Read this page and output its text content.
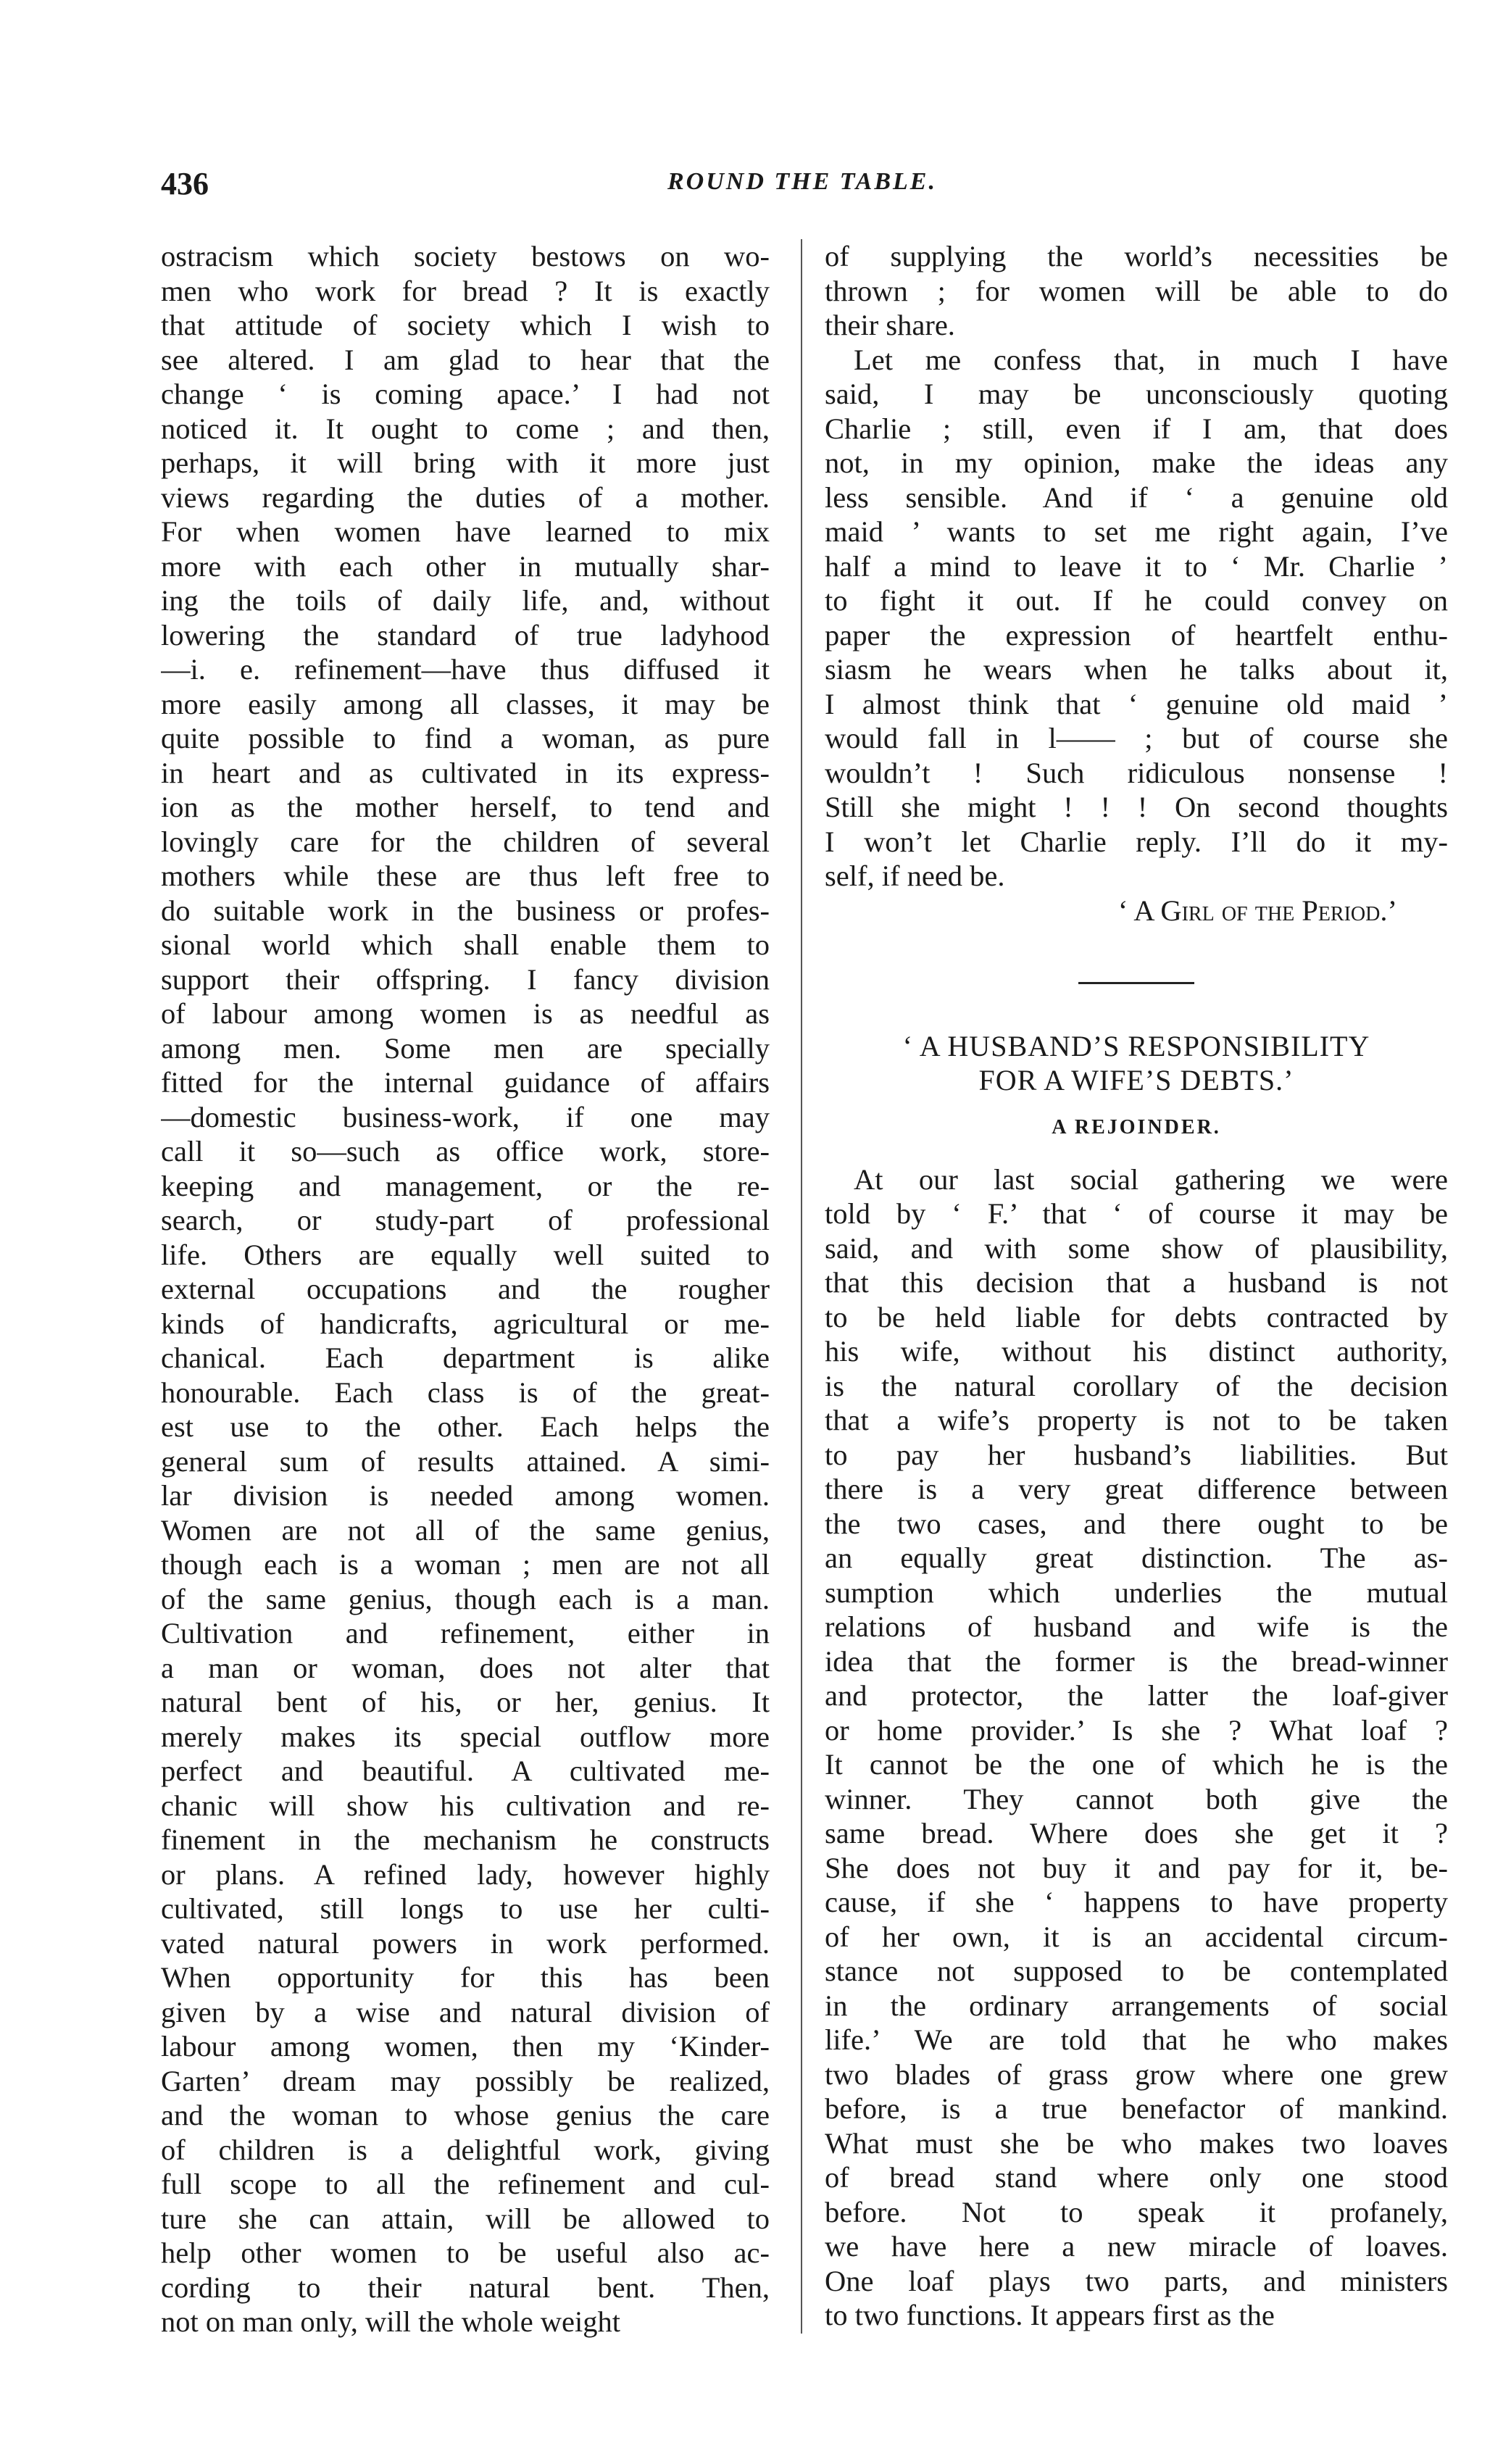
436	ROUND THE TABLE.
ostracism which society bestows on wo-
men who work for bread ? It is exactly
that attitude of society which I wish to
see altered. I am glad to hear that the
change ‘ is coming apace.’ I had not
noticed it. It ought to come ; and then,
perhaps, it will bring with it more just
views regarding the duties of a mother.
For when women have learned to mix
more with each other in mutually shar-
ing the toils of daily life, and, without
lowering the standard of true ladyhood
—i. e. refinement—have thus diffused it
more easily among all classes, it may be
quite possible to find a woman, as pure
in heart and as cultivated in its express-
ion as the mother herself, to tend and
lovingly care for the children of several
mothers while these are thus left free to
do suitable work in the business or profes-
sional world which shall enable them to
support their offspring. I fancy division
of labour among women is as needful as
among men. Some men are specially
fitted for the internal guidance of affairs
—domestic business-work, if one may
call it so—such as office work, store-
keeping and management, or the re-
search, or study-part of professional
life. Others are equally well suited to
external occupations and the rougher
kinds of handicrafts, agricultural or me-
chanical. Each department is alike
honourable. Each class is of the great-
est use to the other. Each helps the
general sum of results attained. A simi-
lar division is needed among women.
Women are not all of the same genius,
though each is a woman ; men are not all
of the same genius, though each is a man.
Cultivation and refinement, either in
a man or woman, does not alter that
natural bent of his, or her, genius. It
merely makes its special outflow more
perfect and beautiful. A cultivated me-
chanic will show his cultivation and re-
finement in the mechanism he constructs
or plans. A refined lady, however highly
cultivated, still longs to use her culti-
vated natural powers in work performed.
When opportunity for this has been
given by a wise and natural division of
labour among women, then my ‘Kinder-
Garten’ dream may possibly be realized,
and the woman to whose genius the care
of children is a delightful work, giving
full scope to all the refinement and cul-
ture she can attain, will be allowed to
help other women to be useful also ac-
cording to their natural bent. Then,
not on man only, will the whole weight
of supplying the world’s necessities be
thrown ; for women will be able to do
their share.
Let me confess that, in much I have
said, I may be unconsciously quoting
Charlie ; still, even if I am, that does
not, in my opinion, make the ideas any
less sensible. And if ‘ a genuine old
maid ’ wants to set me right again, I’ve
half a mind to leave it to ‘ Mr. Charlie ’
to fight it out. If he could convey on
paper the expression of heartfelt enthu-
siasm he wears when he talks about it,
I almost think that ‘ genuine old maid ’
would fall in l—— ; but of course she
wouldn’t ! Such ridiculous nonsense !
Still she might ! ! ! On second thoughts
I won’t let Charlie reply. I’ll do it my-
self, if need be.
‘ A Girl of the Period.’
‘ A HUSBAND’S RESPONSIBILITY
FOR A WIFE’S DEBTS.’
A REJOINDER.
At our last social gathering we were
told by ‘ F.’ that ‘ of course it may be
said, and with some show of plausibility,
that this decision that a husband is not
to be held liable for debts contracted by
his wife, without his distinct authority,
is the natural corollary of the decision
that a wife’s property is not to be taken
to pay her husband’s liabilities. But
there is a very great difference between
the two cases, and there ought to be
an equally great distinction. The as-
sumption which underlies the mutual
relations of husband and wife is the
idea that the former is the bread-winner
and protector, the latter the loaf-giver
or home provider.’ Is she ? What loaf ?
It cannot be the one of which he is the
winner. They cannot both give the
same bread. Where does she get it ?
She does not buy it and pay for it, be-
cause, if she ‘ happens to have property
of her own, it is an accidental circum-
stance not supposed to be contemplated
in the ordinary arrangements of social
life.’ We are told that he who makes
two blades of grass grow where one grew
before, is a true benefactor of mankind.
What must she be who makes two loaves
of bread stand where only one stood
before. Not to speak it profanely,
we have here a new miracle of loaves.
One loaf plays two parts, and ministers
to two functions. It appears first as the
